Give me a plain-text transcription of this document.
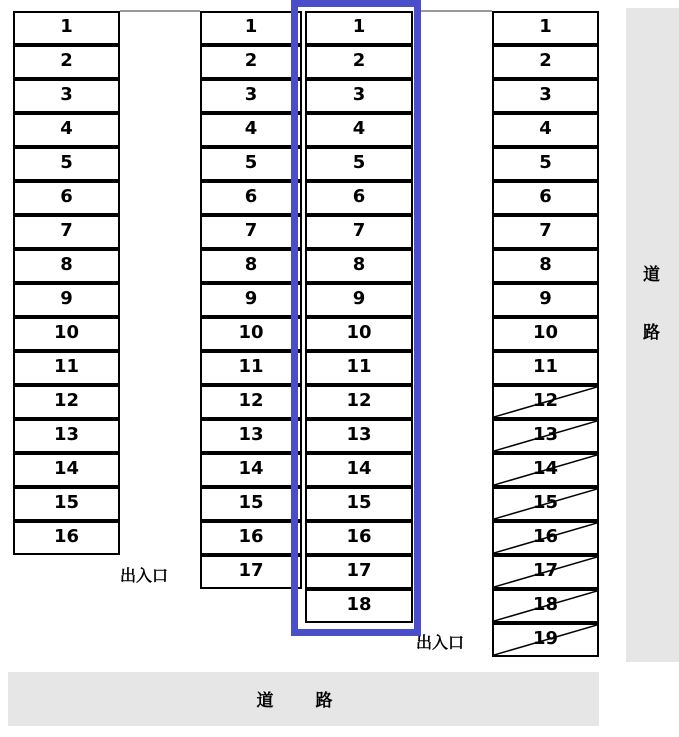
道
路
道 路
1
2
3
4
5
6
7
8
9
10
11
12
13
14
15
16
1
2
3
4
5
6
7
8
9
10
11
12
13
14
15
16
17
1
2
3
4
5
6
7
8
9
10
11
12
13
14
15
16
17
18
1
2
3
4
5
6
7
8
9
10
11
12
13
14
15
16
17
18
19
出入口
出入口
